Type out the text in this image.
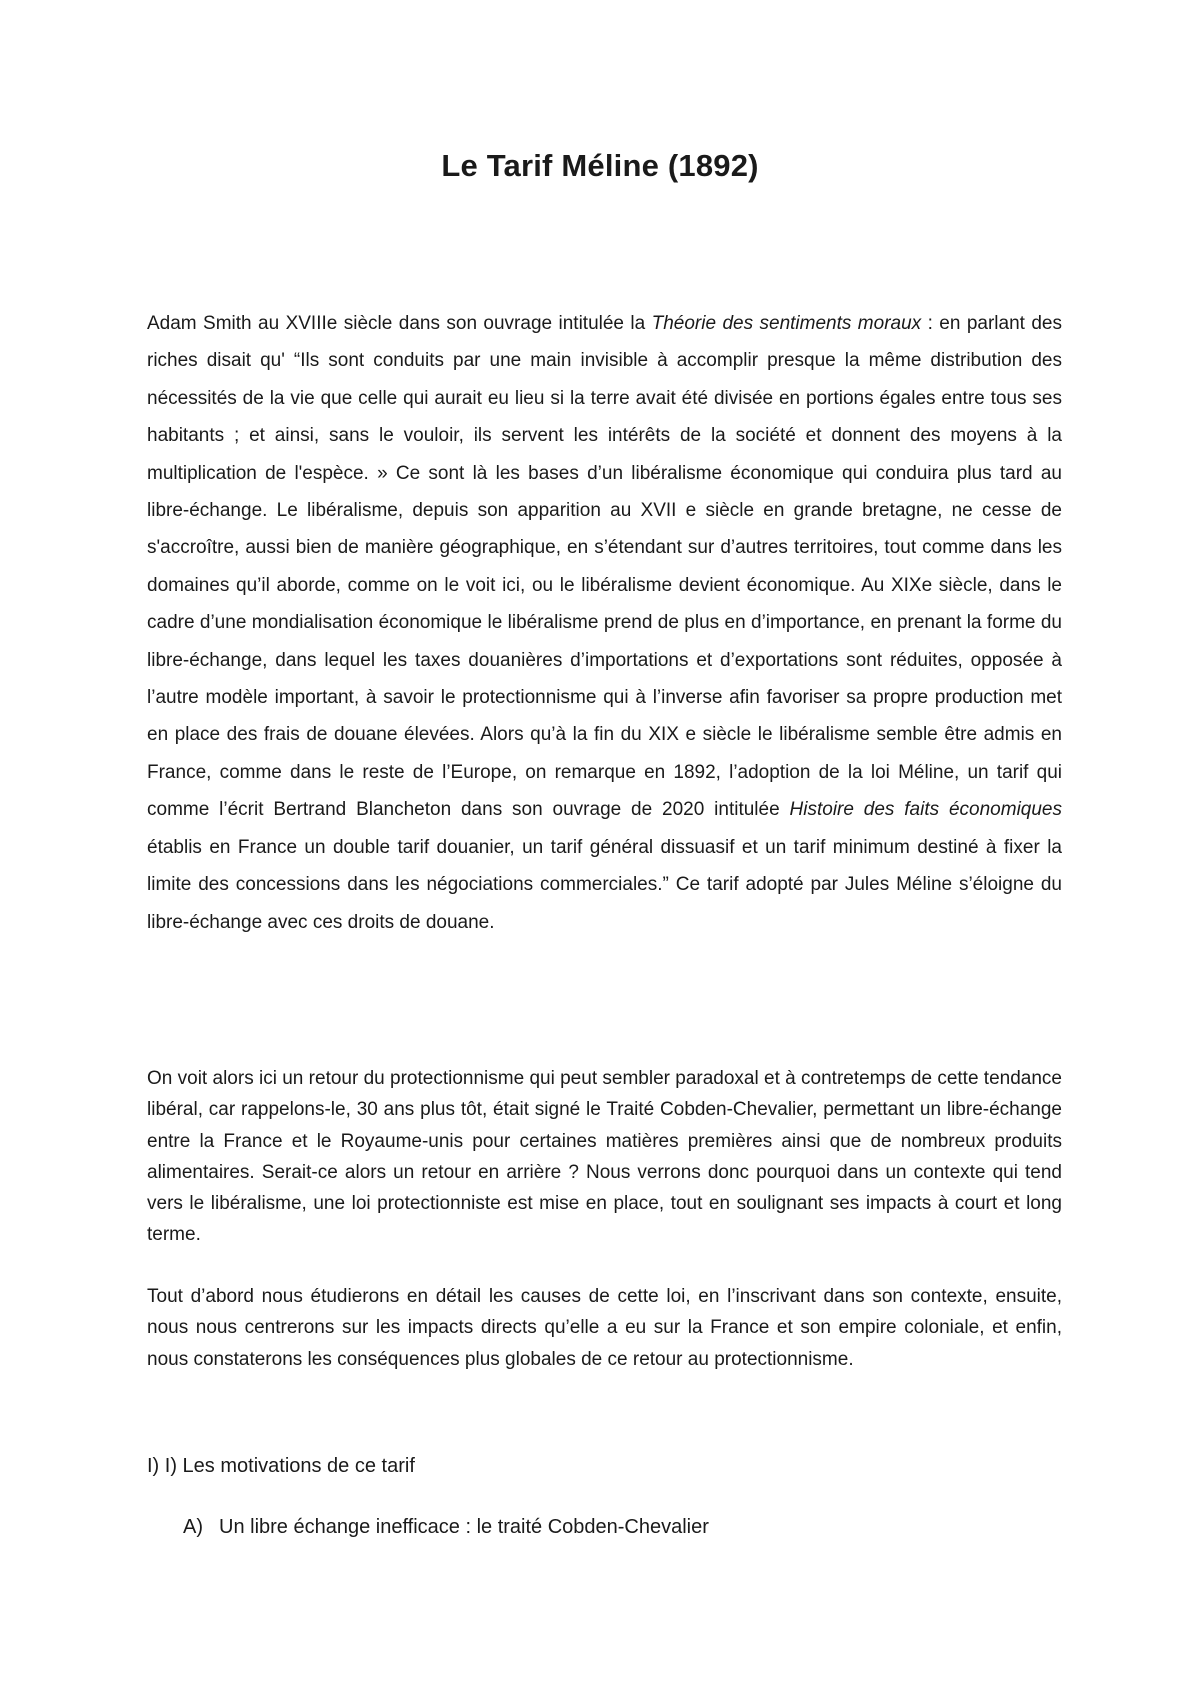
Le Tarif Méline (1892)

Adam Smith au XVIIIe siècle dans son ouvrage intitulée la Théorie des sentiments moraux : en parlant des riches disait qu' “Ils sont conduits par une main invisible à accomplir presque la même distribution des nécessités de la vie que celle qui aurait eu lieu si la terre avait été divisée en portions égales entre tous ses habitants ; et ainsi, sans le vouloir, ils servent les intérêts de la société et donnent des moyens à la multiplication de l'espèce. » Ce sont là les bases d’un libéralisme économique qui conduira plus tard au libre-échange. Le libéralisme, depuis son apparition au XVII e siècle en grande bretagne, ne cesse de s'accroître, aussi bien de manière géographique, en s’étendant sur d’autres territoires, tout comme dans les domaines qu’il aborde, comme on le voit ici, ou le libéralisme devient économique. Au XIXe siècle, dans le cadre d’une mondialisation économique le libéralisme prend de plus en d’importance, en prenant la forme du libre-échange, dans lequel les taxes douanières d’importations et d’exportations sont réduites, opposée à l’autre modèle important, à savoir le protectionnisme qui à l’inverse afin favoriser sa propre production met en place des frais de douane élevées. Alors qu’à la fin du XIX e siècle le libéralisme semble être admis en France, comme dans le reste de l’Europe, on remarque en 1892, l’adoption de la loi Méline, un tarif qui comme l’écrit Bertrand Blancheton dans son ouvrage de 2020 intitulée Histoire des faits économiques établis en France un double tarif douanier, un tarif général dissuasif et un tarif minimum destiné à fixer la limite des concessions dans les négociations commerciales.” Ce tarif adopté par Jules Méline s’éloigne du libre-échange avec ces droits de douane.

On voit alors ici un retour du protectionnisme qui peut sembler paradoxal et à contretemps de cette tendance libéral, car rappelons-le, 30 ans plus tôt, était signé le Traité Cobden-Chevalier, permettant un libre-échange entre la France et le Royaume-unis pour certaines matières premières ainsi que de nombreux produits alimentaires. Serait-ce alors un retour en arrière ? Nous verrons donc pourquoi dans un contexte qui tend vers le libéralisme, une loi protectionniste est mise en place, tout en soulignant ses impacts à court et long terme.

Tout d’abord nous étudierons en détail les causes de cette loi, en l’inscrivant dans son contexte, ensuite, nous nous centrerons sur les impacts directs qu’elle a eu sur la France et son empire coloniale, et enfin, nous constaterons les conséquences plus globales de ce retour au protectionnisme.

I) I) Les motivations de ce tarif
A) Un libre échange inefficace : le traité Cobden-Chevalier
